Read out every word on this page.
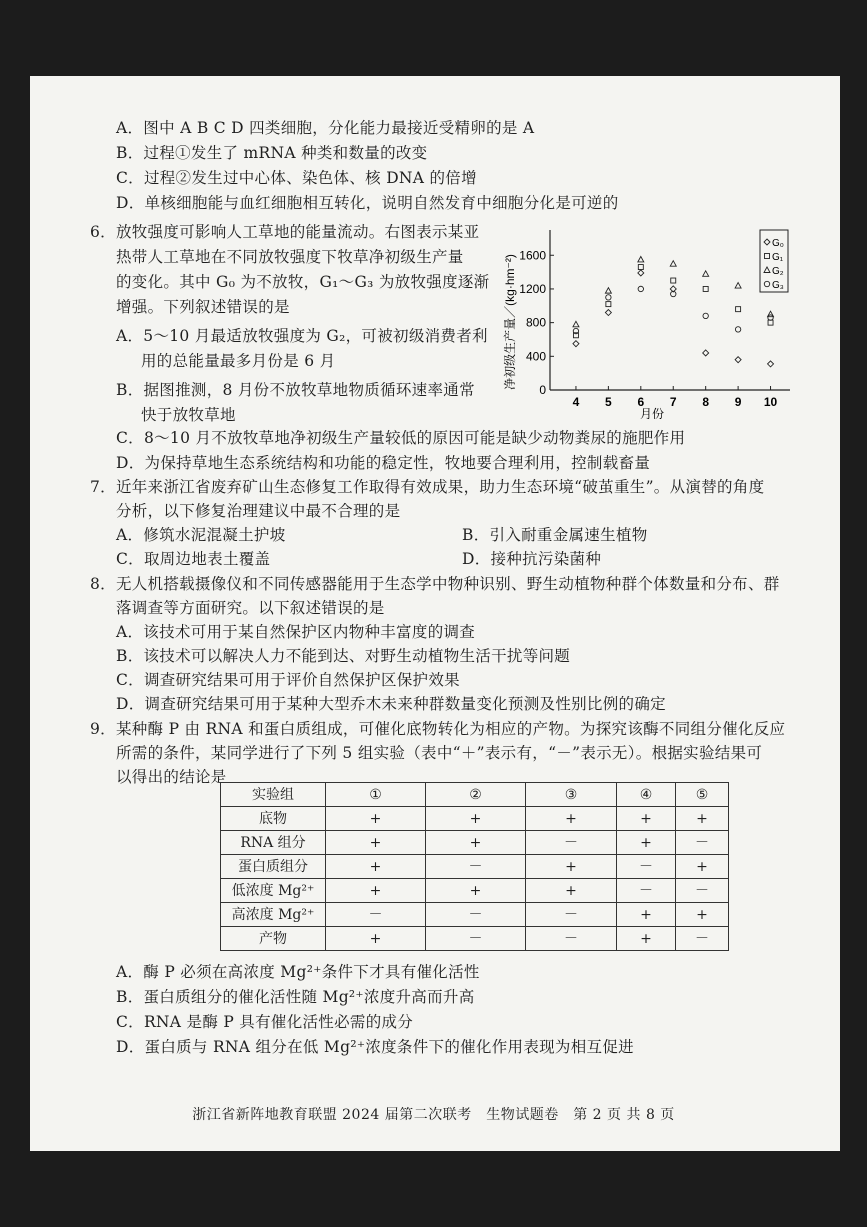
A．图中 A B C D 四类细胞，分化能力最接近受精卵的是 A
B．过程①发生了 mRNA 种类和数量的改变
C．过程②发生过中心体、染色体、核 DNA 的倍增
D．单核细胞能与血红细胞相互转化，说明自然发育中细胞分化是可逆的
6．放牧强度可影响人工草地的能量流动。右图表示某亚
热带人工草地在不同放牧强度下牧草净初级生产量
的变化。其中 G₀ 为不放牧，G₁～G₃ 为放牧强度逐渐
增强。下列叙述错误的是
A．5～10 月最适放牧强度为 G₂，可被初级消费者利
用的总能量最多月份是 6 月
B．据图推测，8 月份不放牧草地物质循环速率通常
快于放牧草地
C．8～10 月不放牧草地净初级生产量较低的原因可能是缺少动物粪尿的施肥作用
D．为保持草地生态系统结构和功能的稳定性，牧地要合理利用，控制载畜量
净初级生产量／(kg·hm⁻²)
月份
0
400
800
1200
1600
4 5 6 7 8 9 10
G₀
G₁
G₂
G₃
7．近年来浙江省废弃矿山生态修复工作取得有效成果，助力生态环境“破茧重生”。从演替的角度
分析，以下修复治理建议中最不合理的是
A．修筑水泥混凝土护坡	B．引入耐重金属速生植物
C．取周边地表土覆盖	D．接种抗污染菌种
8．无人机搭载摄像仪和不同传感器能用于生态学中物种识别、野生动植物种群个体数量和分布、群
落调查等方面研究。以下叙述错误的是
A．该技术可用于某自然保护区内物种丰富度的调查
B．该技术可以解决人力不能到达、对野生动植物生活干扰等问题
C．调查研究结果可用于评价自然保护区保护效果
D．调查研究结果可用于某种大型乔木未来种群数量变化预测及性别比例的确定
9．某种酶 P 由 RNA 和蛋白质组成，可催化底物转化为相应的产物。为探究该酶不同组分催化反应
所需的条件，某同学进行了下列 5 组实验（表中“＋”表示有，“－”表示无）。根据实验结果可
以得出的结论是
实验组	①	②	③	④	⑤
底物	+	+	+	+	+
RNA 组分	+	+	－	+	－
蛋白质组分	+	－	+	－	+
低浓度 Mg²⁺	+	+	+	－	－
高浓度 Mg²⁺	－	－	－	+	+
产物	+	－	－	+	－
A．酶 P 必须在高浓度 Mg²⁺条件下才具有催化活性
B．蛋白质组分的催化活性随 Mg²⁺浓度升高而升高
C．RNA 是酶 P 具有催化活性必需的成分
D．蛋白质与 RNA 组分在低 Mg²⁺浓度条件下的催化作用表现为相互促进
浙江省新阵地教育联盟 2024 届第二次联考　生物试题卷　第 2 页 共 8 页
